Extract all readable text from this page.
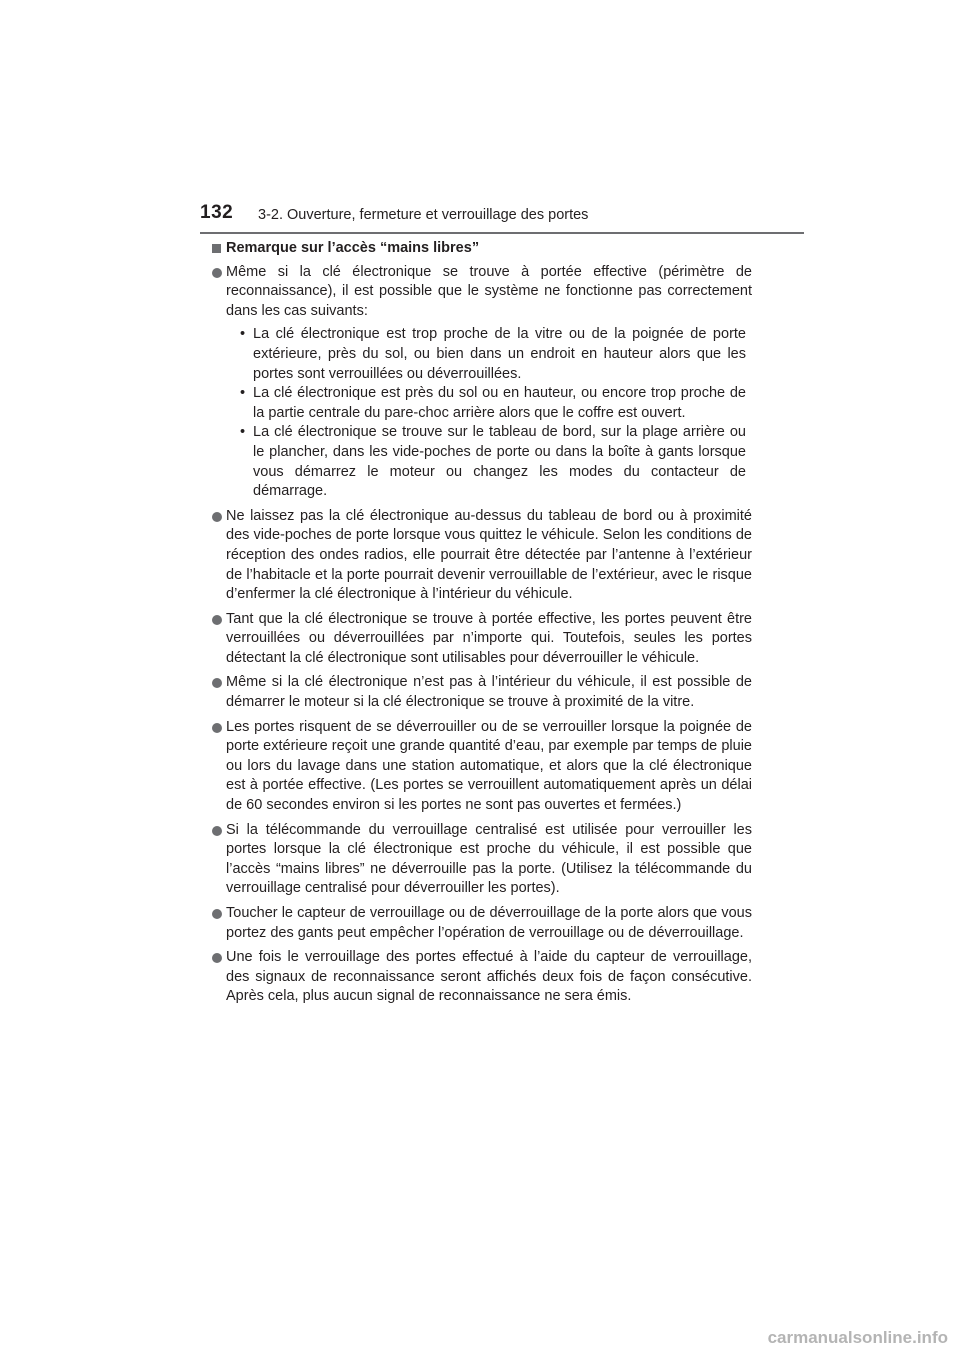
132 3-2. Ouverture, fermeture et verrouillage des portes
Remarque sur l’accès “mains libres”
Même si la clé électronique se trouve à portée effective (périmètre de reconnaissance), il est possible que le système ne fonctionne pas correctement dans les cas suivants:
• La clé électronique est trop proche de la vitre ou de la poignée de porte extérieure, près du sol, ou bien dans un endroit en hauteur alors que les portes sont verrouillées ou déverrouillées.
• La clé électronique est près du sol ou en hauteur, ou encore trop proche de la partie centrale du pare-choc arrière alors que le coffre est ouvert.
• La clé électronique se trouve sur le tableau de bord, sur la plage arrière ou le plancher, dans les vide-poches de porte ou dans la boîte à gants lorsque vous démarrez le moteur ou changez les modes du contacteur de démarrage.
Ne laissez pas la clé électronique au-dessus du tableau de bord ou à proximité des vide-poches de porte lorsque vous quittez le véhicule. Selon les conditions de réception des ondes radios, elle pourrait être détectée par l’antenne à l’extérieur de l’habitacle et la porte pourrait devenir verrouillable de l’extérieur, avec le risque d’enfermer la clé électronique à l’intérieur du véhicule.
Tant que la clé électronique se trouve à portée effective, les portes peuvent être verrouillées ou déverrouillées par n’importe qui. Toutefois, seules les portes détectant la clé électronique sont utilisables pour déverrouiller le véhicule.
Même si la clé électronique n’est pas à l’intérieur du véhicule, il est possible de démarrer le moteur si la clé électronique se trouve à proximité de la vitre.
Les portes risquent de se déverrouiller ou de se verrouiller lorsque la poignée de porte extérieure reçoit une grande quantité d’eau, par exemple par temps de pluie ou lors du lavage dans une station automatique, et alors que la clé électronique est à portée effective. (Les portes se verrouillent automatiquement après un délai de 60 secondes environ si les portes ne sont pas ouvertes et fermées.)
Si la télécommande du verrouillage centralisé est utilisée pour verrouiller les portes lorsque la clé électronique est proche du véhicule, il est possible que l’accès “mains libres” ne déverrouille pas la porte. (Utilisez la télécommande du verrouillage centralisé pour déverrouiller les portes).
Toucher le capteur de verrouillage ou de déverrouillage de la porte alors que vous portez des gants peut empêcher l’opération de verrouillage ou de déverrouillage.
Une fois le verrouillage des portes effectué à l’aide du capteur de verrouillage, des signaux de reconnaissance seront affichés deux fois de façon consécutive. Après cela, plus aucun signal de reconnaissance ne sera émis.
carmanualsonline.info
